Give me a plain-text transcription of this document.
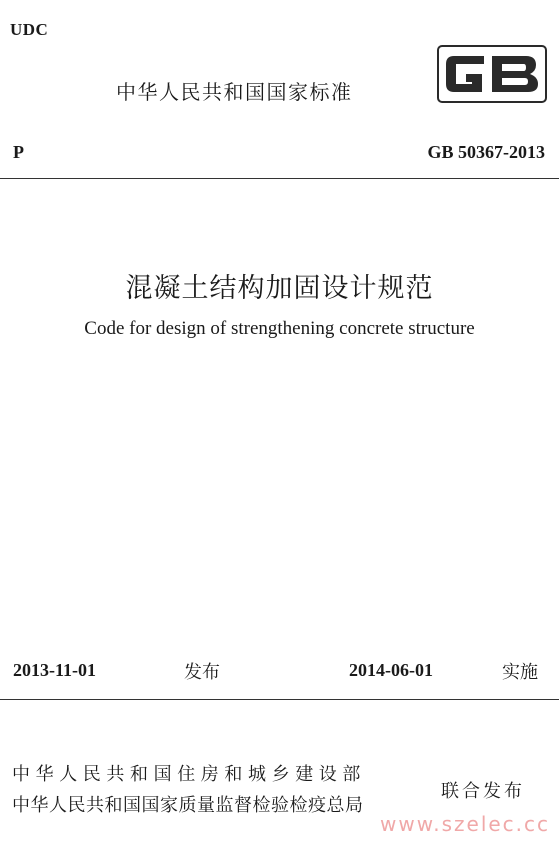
UDC
中华人民共和国国家标准
P	GB 50367-2013
混凝土结构加固设计规范
Code for design of strengthening concrete structure
2013-11-01	发布	2014-06-01	实施
中华人民共和国住房和城乡建设部
中华人民共和国国家质量监督检验检疫总局
联合发布
www.szelec.cc
